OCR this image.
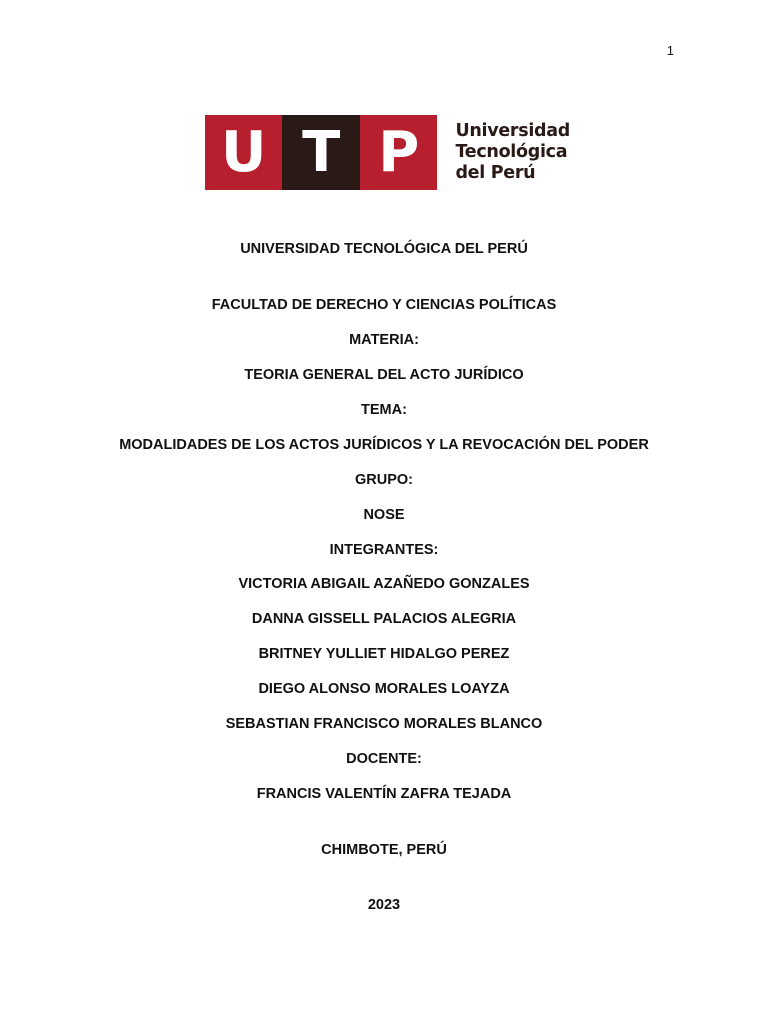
1
U T P	Universidad
Tecnológica
del Perú
UNIVERSIDAD TECNOLÓGICA DEL PERÚ
FACULTAD DE DERECHO Y CIENCIAS POLÍTICAS
MATERIA:
TEORIA GENERAL DEL ACTO JURÍDICO
TEMA:
MODALIDADES DE LOS ACTOS JURÍDICOS Y LA REVOCACIÓN DEL PODER
GRUPO:
NOSE
INTEGRANTES:
VICTORIA ABIGAIL AZAÑEDO GONZALES
DANNA GISSELL PALACIOS ALEGRIA
BRITNEY YULLIET HIDALGO PEREZ
DIEGO ALONSO MORALES LOAYZA
SEBASTIAN FRANCISCO MORALES BLANCO
DOCENTE:
FRANCIS VALENTÍN ZAFRA TEJADA
CHIMBOTE, PERÚ
2023
